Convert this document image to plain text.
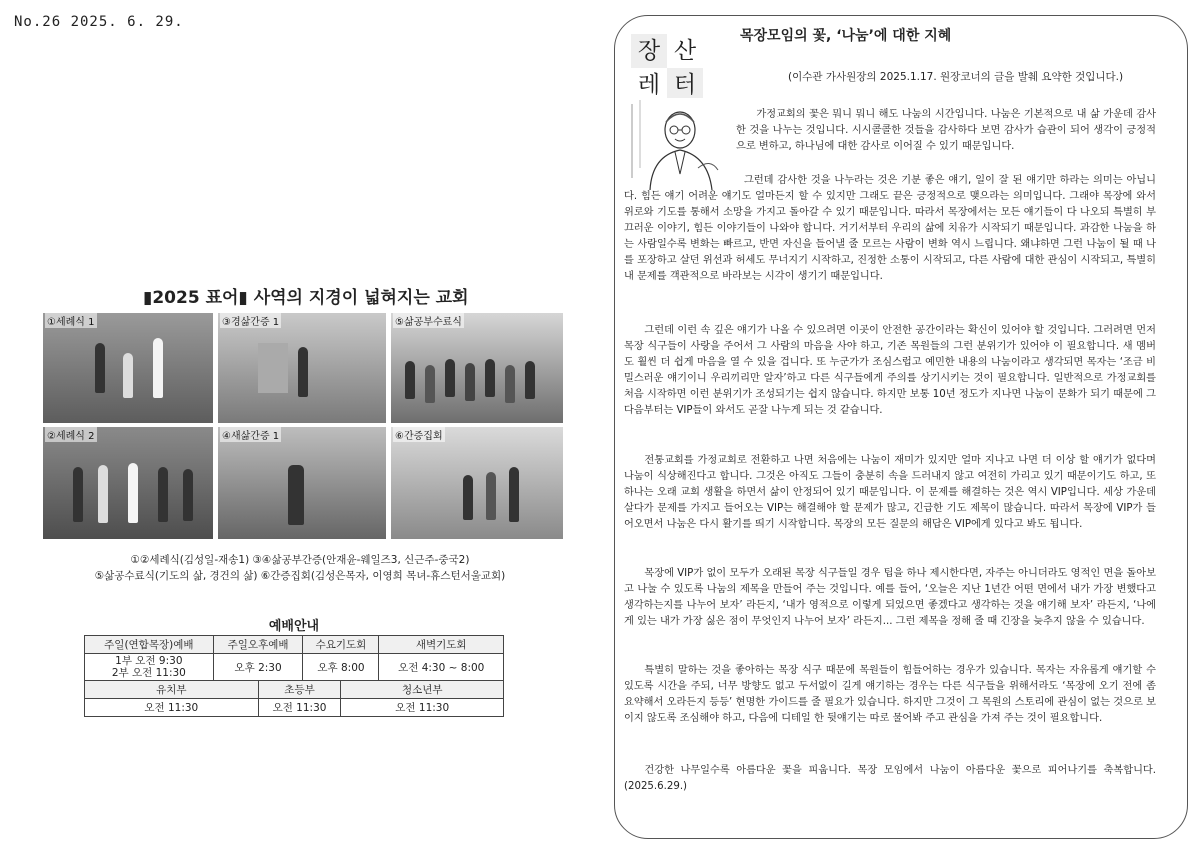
No.26 2025. 6. 29.
▮2025 표어▮ 사역의 지경이 넓혀지는 교회
①세례식 1	③경삶간증 1	⑤삶공부수료식
②세례식 2	④새삶간증 1	⑥간증집회
①②세례식(김성일-재송1) ③④삶공부간증(안재윤-웨일즈3, 신근주-중국2)
⑤삶공수료식(기도의 삶, 경건의 삶) ⑥간증집회(김성은목자, 이영희 목녀-휴스턴서울교회)
예배안내					
주일(연합목장)예배	주일오후예배		수요기도회		새벽기도회
1부 오전 9:30
2부 오전 11:30	오후 2:30		오후 8:00		오전 4:30 ~ 8:00
유치부		초등부		청소년부	
오전 11:30		오전 11:30		오전 11:30	
장 산
레 터
목장모임의 꽃, ‘나눔’에 대한 지혜
(이수관 가사원장의 2025.1.17. 원장코너의 글을 발췌 요약한 것입니다.)

가정교회의 꽃은 뭐니 뭐니 해도 나눔의 시간입니다. 나눔은 기본적으로 내 삶 가운데 감사한 것을 나누는 것입니다. 시시콜콜한 것들을 감사하다 보면 감사가 습관이 되어 생각이 긍정적으로 변하고, 하나님에 대한 감사로 이어질 수 있기 때문입니다.

그런데 감사한 것을 나누라는 것은 기분 좋은 얘기, 일이 잘 된 얘기만 하라는 의미는 아닙니다. 힘든 얘기 어려운 얘기도 얼마든지 할 수 있지만 그래도 끝은 긍정적으로 맺으라는 의미입니다. 그래야 목장에 와서 위로와 기도를 통해서 소망을 가지고 돌아갈 수 있기 때문입니다. 따라서 목장에서는 모든 얘기들이 다 나오되 특별히 부끄러운 이야기, 힘든 이야기들이 나와야 합니다. 거기서부터 우리의 삶에 치유가 시작되기 때문입니다. 과감한 나눔을 하는 사람일수록 변화는 빠르고, 반면 자신을 들어낼 줄 모르는 사람이 변화 역시 느립니다. 왜냐하면 그런 나눔이 될 때 나를 포장하고 살던 위선과 허세도 무너지기 시작하고, 진정한 소통이 시작되고, 다른 사람에 대한 관심이 시작되고, 특별히 내 문제를 객관적으로 바라보는 시각이 생기기 때문입니다.

그런데 이런 속 깊은 얘기가 나올 수 있으려면 이곳이 안전한 공간이라는 확신이 있어야 할 것입니다. 그러려면 먼저 목장 식구들이 사랑을 주어서 그 사람의 마음을 사야 하고, 기존 목원들의 그런 분위기가 있어야 이 필요합니다. 새 멤버도 훨씬 더 쉽게 마음을 열 수 있을 겁니다. 또 누군가가 조심스럽고 예민한 내용의 나눔이라고 생각되면 목자는 ‘조금 비밀스러운 얘기이니 우리끼리만 알자’하고 다른 식구들에게 주의를 상기시키는 것이 필요합니다. 일반적으로 가정교회를 처음 시작하면 이런 분위기가 조성되기는 쉽지 않습니다. 하지만 보통 10년 정도가 지나면 나눔이 문화가 되기 때문에 그다음부터는 VIP들이 와서도 곧잘 나누게 되는 것 같습니다.

전통교회를 가정교회로 전환하고 나면 처음에는 나눔이 재미가 있지만 얼마 지나고 나면 더 이상 할 얘기가 없다며 나눔이 식상해진다고 합니다. 그것은 아직도 그들이 충분히 속을 드러내지 않고 여전히 가리고 있기 때문이기도 하고, 또 하나는 오래 교회 생활을 하면서 삶이 안정되어 있기 때문입니다. 이 문제를 해결하는 것은 역시 VIP입니다. 세상 가운데 살다가 문제를 가지고 들어오는 VIP는 해결해야 할 문제가 많고, 긴급한 기도 제목이 많습니다. 따라서 목장에 VIP가 들어오면서 나눔은 다시 활기를 띄기 시작합니다. 목장의 모든 질문의 해답은 VIP에게 있다고 봐도 됩니다.

목장에 VIP가 없이 모두가 오래된 목장 식구들일 경우 팁을 하나 제시한다면, 자주는 아니더라도 영적인 면을 돌아보고 나눌 수 있도록 나눔의 제목을 만들어 주는 것입니다. 예를 들어, ‘오늘은 지난 1년간 어떤 면에서 내가 가장 변했다고 생각하는지를 나누어 보자’ 라든지, ‘내가 영적으로 이렇게 되었으면 좋겠다고 생각하는 것을 얘기해 보자’ 라든지, ‘나에게 있는 내가 가장 싫은 점이 무엇인지 나누어 보자’ 라든지... 그런 제목을 정해 줄 때 긴장을 늦추지 않을 수 있습니다.

특별히 말하는 것을 좋아하는 목장 식구 때문에 목원들이 힘들어하는 경우가 있습니다. 목자는 자유롭게 얘기할 수 있도록 시간을 주되, 너무 방향도 없고 두서없이 길게 얘기하는 경우는 다른 식구들을 위해서라도 ‘목장에 오기 전에 좀 요약해서 오라든지 등등’ 현명한 가이드를 줄 필요가 있습니다. 하지만 그것이 그 목원의 스토리에 관심이 없는 것으로 보이지 않도록 조심해야 하고, 다음에 디테일 한 뒷얘기는 따로 물어봐 주고 관심을 가져 주는 것이 필요합니다.

건강한 나무일수록 아름다운 꽃을 피웁니다. 목장 모임에서 나눔이 아름다운 꽃으로 피어나기를 축복합니다.(2025.6.29.)
